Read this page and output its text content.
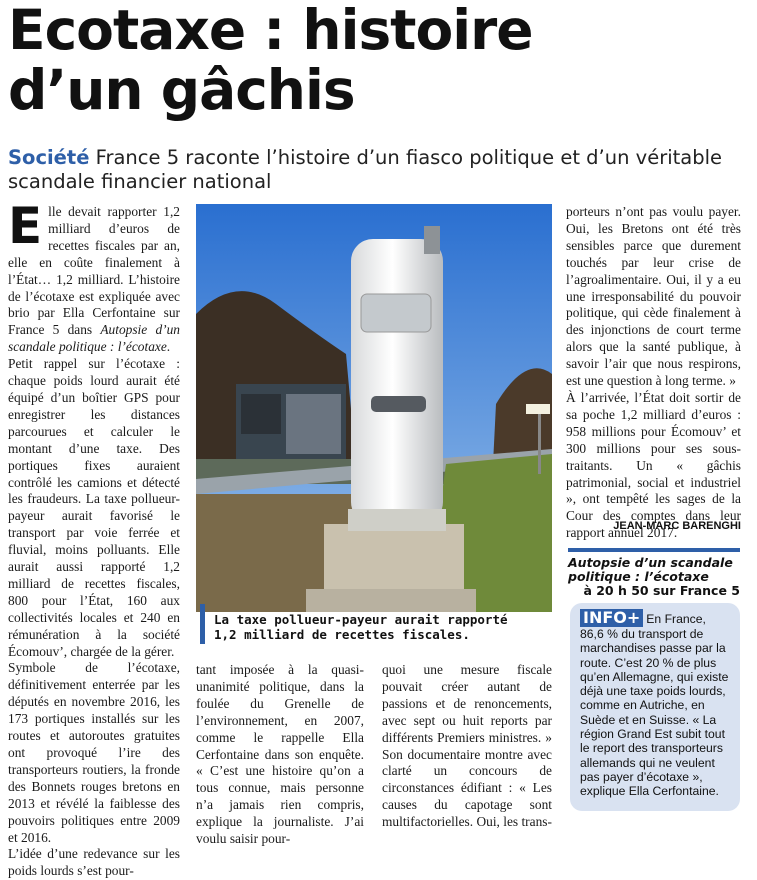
Ecotaxe : histoire
d’un gâchis
Société France 5 raconte l’histoire d’un fiasco politique et d’un véritable scandale financier national

Elle devait rapporter 1,2 milliard d’euros de recettes fiscales par an, elle en coûte finalement à l’État… 1,2 milliard. L’histoire de l’écotaxe est expliquée avec brio par Ella Cerfontaine sur France 5 dans Autopsie d’un scandale politique : l’écotaxe.

Petit rappel sur l’écotaxe : chaque poids lourd aurait été équipé d’un boîtier GPS pour enregistrer les distances parcourues et calculer le montant d’une taxe. Des portiques fixes auraient contrôlé les camions et détecté les fraudeurs. La taxe pollueur-payeur aurait favorisé le transport par voie ferrée et fluvial, moins polluants. Elle aurait aussi rapporté 1,2 milliard de recettes fiscales, 800 pour l’État, 160 aux collectivités locales et 240 en rémunération à la société Écomouv’, chargée de la gérer.

Symbole de l’écotaxe, définitivement enterrée par les députés en novembre 2016, les 173 portiques installés sur les routes et autoroutes gratuites ont provoqué l’ire des transporteurs routiers, la fronde des Bonnets rouges bretons en 2013 et révélé la faiblesse des pouvoirs politiques entre 2009 et 2016.

L’idée d’une redevance sur les poids lourds s’est pour-

La taxe pollueur-payeur aurait rapporté
1,2 milliard de recettes fiscales.

tant imposée à la quasi-unanimité politique, dans la foulée du Grenelle de l’environnement, en 2007, comme le rappelle Ella Cerfontaine dans son enquête. « C’est une histoire qu’on a tous connue, mais personne n’a jamais rien compris, explique la journaliste. J’ai voulu saisir pour-

quoi une mesure fiscale pouvait créer autant de passions et de renoncements, avec sept ou huit reports par différents Premiers ministres. » Son documentaire montre avec clarté un concours de circonstances édifiant : « Les causes du capotage sont multifactorielles. Oui, les trans-

porteurs n’ont pas voulu payer. Oui, les Bretons ont été très sensibles parce que durement touchés par leur crise de l’agroalimentaire. Oui, il y a eu une irresponsabilité du pouvoir politique, qui cède finalement à des injonctions de court terme alors que la santé publique, à savoir l’air que nous respirons, est une question à long terme. »

À l’arrivée, l’État doit sortir de sa poche 1,2 milliard d’euros : 958 millions pour Écomouv’ et 300 millions pour ses sous-traitants. Un « gâchis patrimonial, social et industriel », ont tempêté les sages de la Cour des comptes dans leur rapport annuel 2017.

JEAN-MARC BARENGHI
Autopsie d’un scandale politique : l’écotaxe
à 20 h 50 sur France 5

INFO+ En France, 86,6 % du transport de marchandises passe par la route. C’est 20 % de plus qu’en Allemagne, qui existe déjà une taxe poids lourds, comme en Autriche, en Suède et en Suisse. « La région Grand Est subit tout le report des transporteurs allemands qui ne veulent pas payer d’écotaxe », explique Ella Cerfontaine.
